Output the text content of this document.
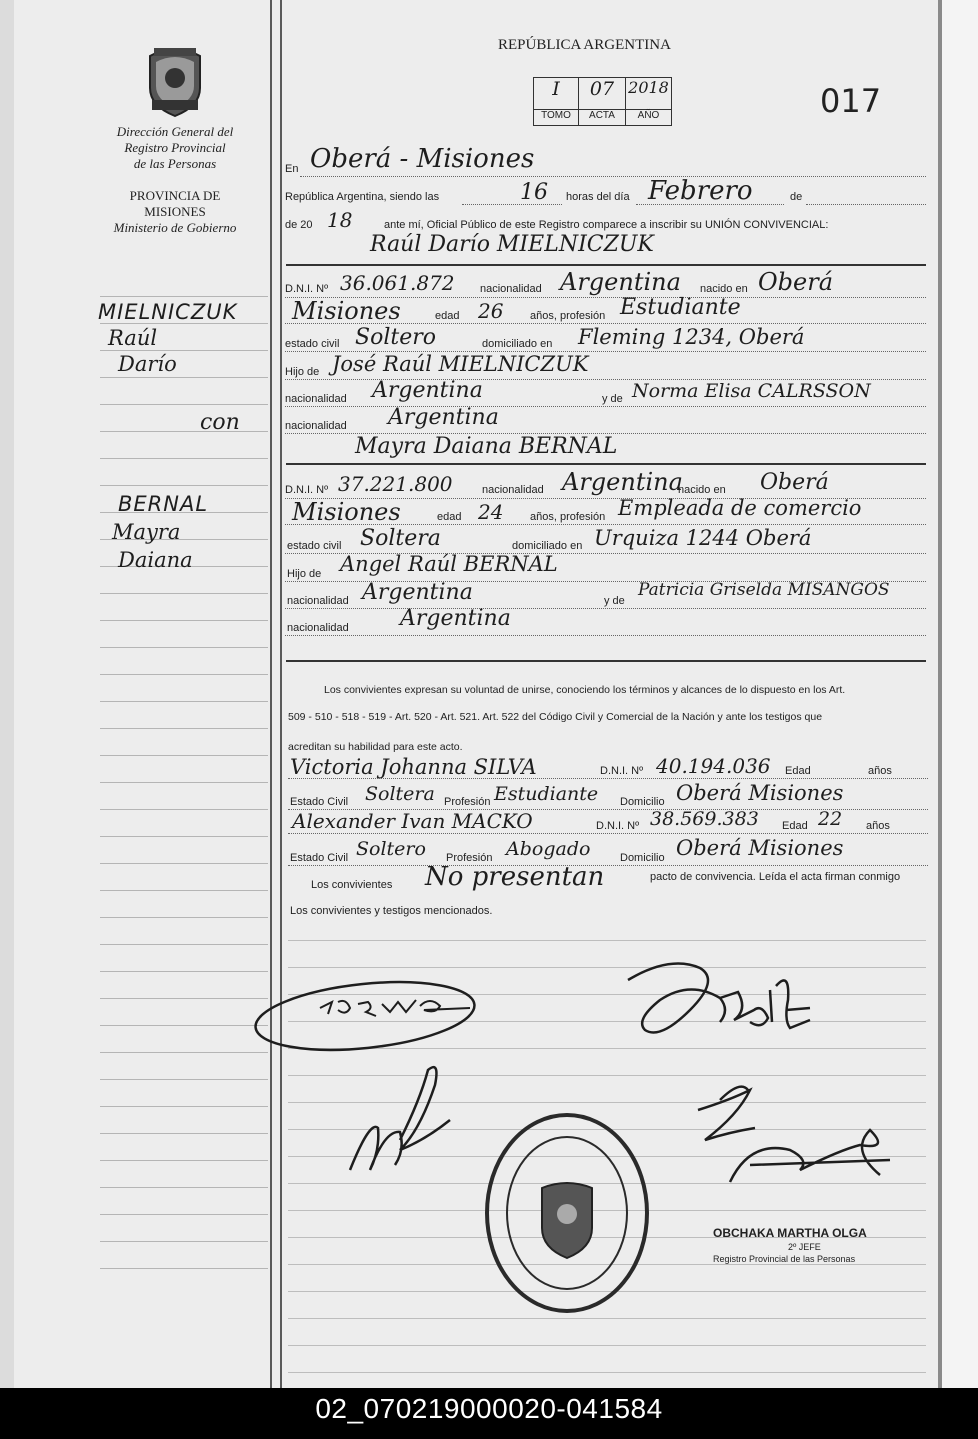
Dirección General del
Registro Provincial
de las Personas
PROVINCIA DE
MISIONES
Ministerio de Gobierno
REPÚBLICA ARGENTINA
017
I	07 2018
TOMO	ACTA	AÑO
En Oberá - Misiones
República Argentina, siendo las	16 horas del día Febrero	de
de 20 18	ante mí, Oficial Público de este Registro comparece a inscribir su UNIÓN CONVIVENCIAL:
Raúl Darío MIELNICZUK
D.N.I. Nº 36.061.872 nacionalidad Argentina nacido en Oberá
Misiones	edad 26 años, profesión Estudiante
estado civil Soltero	domiciliado en Fleming 1234, Oberá
Hijo de José Raúl MIELNICZUK
nacionalidad Argentina	y de Norma Elisa CALRSSON
nacionalidad Argentina
Mayra Daiana BERNAL
D.N.I. Nº 37.221.800	nacionalidad Argentina
nacido en Oberá
Misiones	edad 24 años, profesión Empleada de comercio
estado civil Soltera	domiciliado en Urquiza 1244 Oberá
Hijo de Angel Raúl BERNAL
nacionalidad Argentina	y de
Patricia Griselda MISANGOS
nacionalidad Argentina
Los convivientes expresan su voluntad de unirse, conociendo los términos y alcances de lo dispuesto en los Art.
509 - 510 - 518 - 519 - Art. 520 - Art. 521. Art. 522 del Código Civil y Comercial de la Nación y ante los testigos que
acreditan su habilidad para este acto.
Victoria Johanna SILVA	D.N.I. Nº 40.194.036 Edad	años
Estado Civil Soltera Profesión Estudiante Domicilio Oberá Misiones
Alexander Ivan MACKO	D.N.I. Nº 38.569.383 Edad 22 años
Estado Civil Soltero Profesión Abogado	Domicilio Oberá Misiones
Los convivientes No presentan	pacto de convivencia. Leída el acta firman conmigo
Los convivientes y testigos mencionados.
OBCHAKA MARTHA OLGA
2º JEFE
Registro Provincial de las Personas
MIELNICZUK
Raúl
Darío
con
BERNAL
Mayra
Daiana
02_070219000020-041584
